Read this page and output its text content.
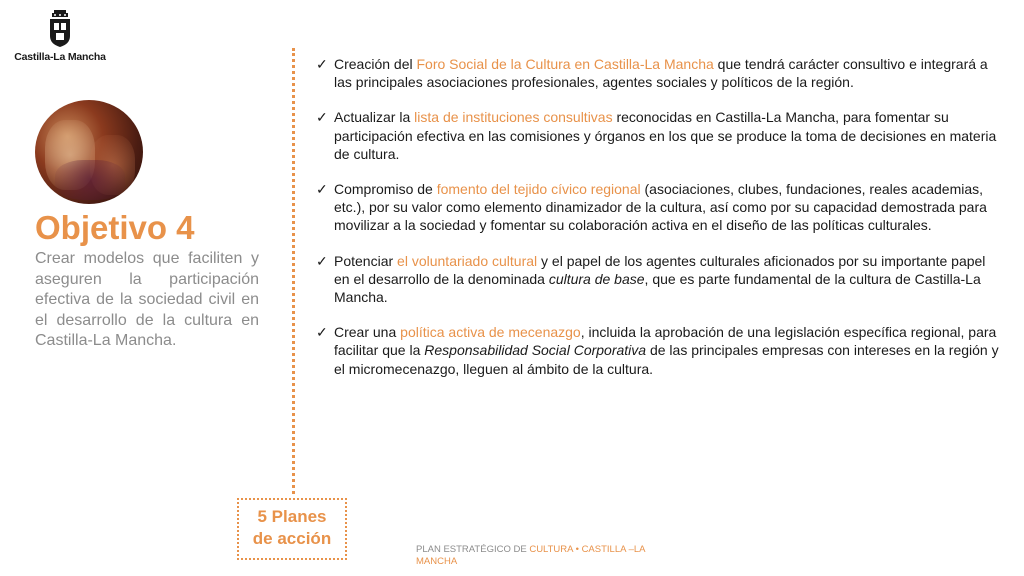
Castilla-La Mancha
Objetivo 4

Crear modelos que faciliten y aseguren la participación efectiva de la sociedad civil en el desarrollo de la cultura en Castilla-La Mancha.

5 Planes
de acción
✓ Creación del Foro Social de la Cultura en Castilla-La Mancha que tendrá carácter consultivo e integrará a las principales asociaciones profesionales, agentes sociales y políticos de la región.
✓ Actualizar la lista de instituciones consultivas reconocidas en Castilla-La Mancha, para fomentar su participación efectiva en las comisiones y órganos en los que se produce la toma de decisiones en materia de cultura.
✓ Compromiso de fomento del tejido cívico regional (asociaciones, clubes, fundaciones, reales academias, etc.), por su valor como elemento dinamizador de la cultura, así como por su capacidad demostrada para movilizar a la sociedad y fomentar su colaboración activa en el diseño de las políticas culturales.
✓ Potenciar el voluntariado cultural y el papel de los agentes culturales aficionados por su importante papel en el desarrollo de la denominada cultura de base, que es parte fundamental de la cultura de Castilla-La Mancha.
✓ Crear una política activa de mecenazgo, incluida la aprobación de una legislación específica regional, para facilitar que la Responsabilidad Social Corporativa de las principales empresas con intereses en la región y el micromecenazgo, lleguen al ámbito de la cultura.
PLAN ESTRATÉGICO DE CULTURA • CASTILLA –LA
MANCHA
